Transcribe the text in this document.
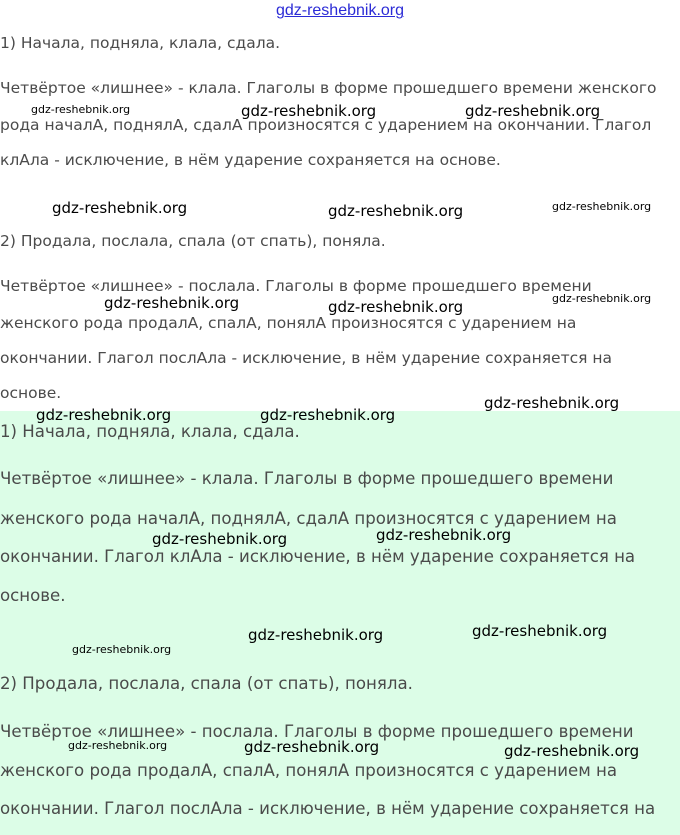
gdz-reshebnik.org

1) Начала, подняла, клала, сдала.

Четвёртое «лишнее» - клала. Глаголы в форме прошедшего времени женского

рода началА, поднялА, сдалА произносятся с ударением на окончании. Глагол

клАла - исключение, в нём ударение сохраняется на основе.

2) Продала, послала, спала (от спать), поняла.

Четвёртое «лишнее» - послала. Глаголы в форме прошедшего времени

женского рода продалА, спалА, понялА произносятся с ударением на

окончании. Глагол послАла - исключение, в нём ударение сохраняется на

основе.

1) Начала, подняла, клала, сдала.

Четвёртое «лишнее» - клала. Глаголы в форме прошедшего времени

женского рода началА, поднялА, сдалА произносятся с ударением на

окончании. Глагол клАла - исключение, в нём ударение сохраняется на

основе.

2) Продала, послала, спала (от спать), поняла.

Четвёртое «лишнее» - послала. Глаголы в форме прошедшего времени

женского рода продалА, спалА, понялА произносятся с ударением на

окончании. Глагол послАла - исключение, в нём ударение сохраняется на

gdz-reshebnik.org	gdz-reshebnik.org	gdz-reshebnik.org
gdz-reshebnik.org	gdz-reshebnik.org	gdz-reshebnik.org
gdz-reshebnik.org	gdz-reshebnik.org	gdz-reshebnik.org
gdz-reshebnik.org	gdz-reshebnik.org
gdz-reshebnik.org
gdz-reshebnik.org	gdz-reshebnik.org
gdz-reshebnik.org	gdz-reshebnik.org
gdz-reshebnik.org
gdz-reshebnik.org	gdz-reshebnik.org	gdz-reshebnik.org
